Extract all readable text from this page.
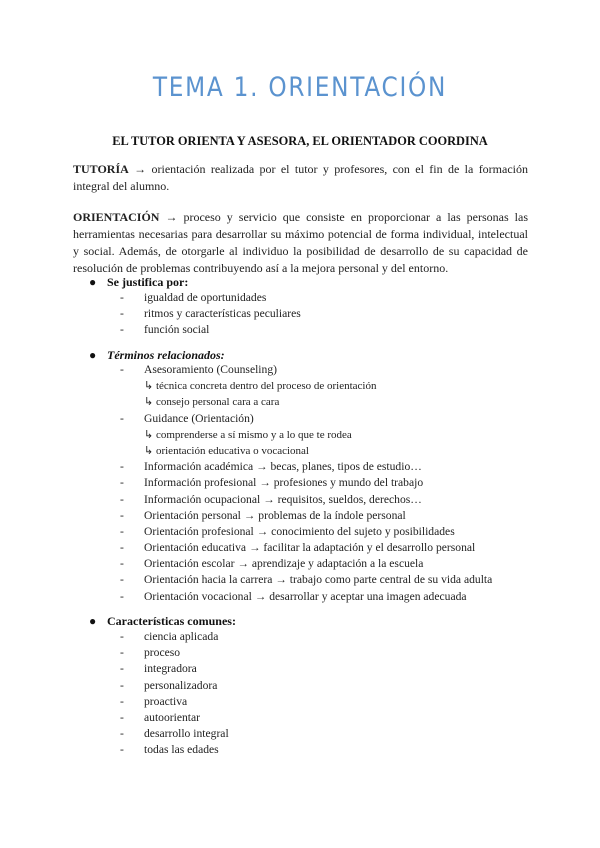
TEMA 1. ORIENTACIÓN
EL TUTOR ORIENTA Y ASESORA, EL ORIENTADOR COORDINA
TUTORÍA → orientación realizada por el tutor y profesores, con el fin de la formación integral del alumno.
ORIENTACIÓN → proceso y servicio que consiste en proporcionar a las personas las herramientas necesarias para desarrollar su máximo potencial de forma individual, intelectual y social. Además, de otorgarle al individuo la posibilidad de desarrollo de su capacidad de resolución de problemas contribuyendo así a la mejora personal y del entorno.
● Se justifica por:
- igualdad de oportunidades
- ritmos y características peculiares
- función social
● Términos relacionados:
- Asesoramiento (Counseling)
↳ técnica concreta dentro del proceso de orientación
↳ consejo personal cara a cara
- Guidance (Orientación)
↳ comprenderse a sí mismo y a lo que te rodea
↳ orientación educativa o vocacional
- Información académica → becas, planes, tipos de estudio…
- Información profesional → profesiones y mundo del trabajo
- Información ocupacional → requisitos, sueldos, derechos…
- Orientación personal → problemas de la índole personal
- Orientación profesional → conocimiento del sujeto y posibilidades
- Orientación educativa → facilitar la adaptación y el desarrollo personal
- Orientación escolar → aprendizaje y adaptación a la escuela
- Orientación hacia la carrera → trabajo como parte central de su vida adulta
- Orientación vocacional → desarrollar y aceptar una imagen adecuada
● Características comunes:
- ciencia aplicada
- proceso
- integradora
- personalizadora
- proactiva
- autoorientar
- desarrollo integral
- todas las edades
